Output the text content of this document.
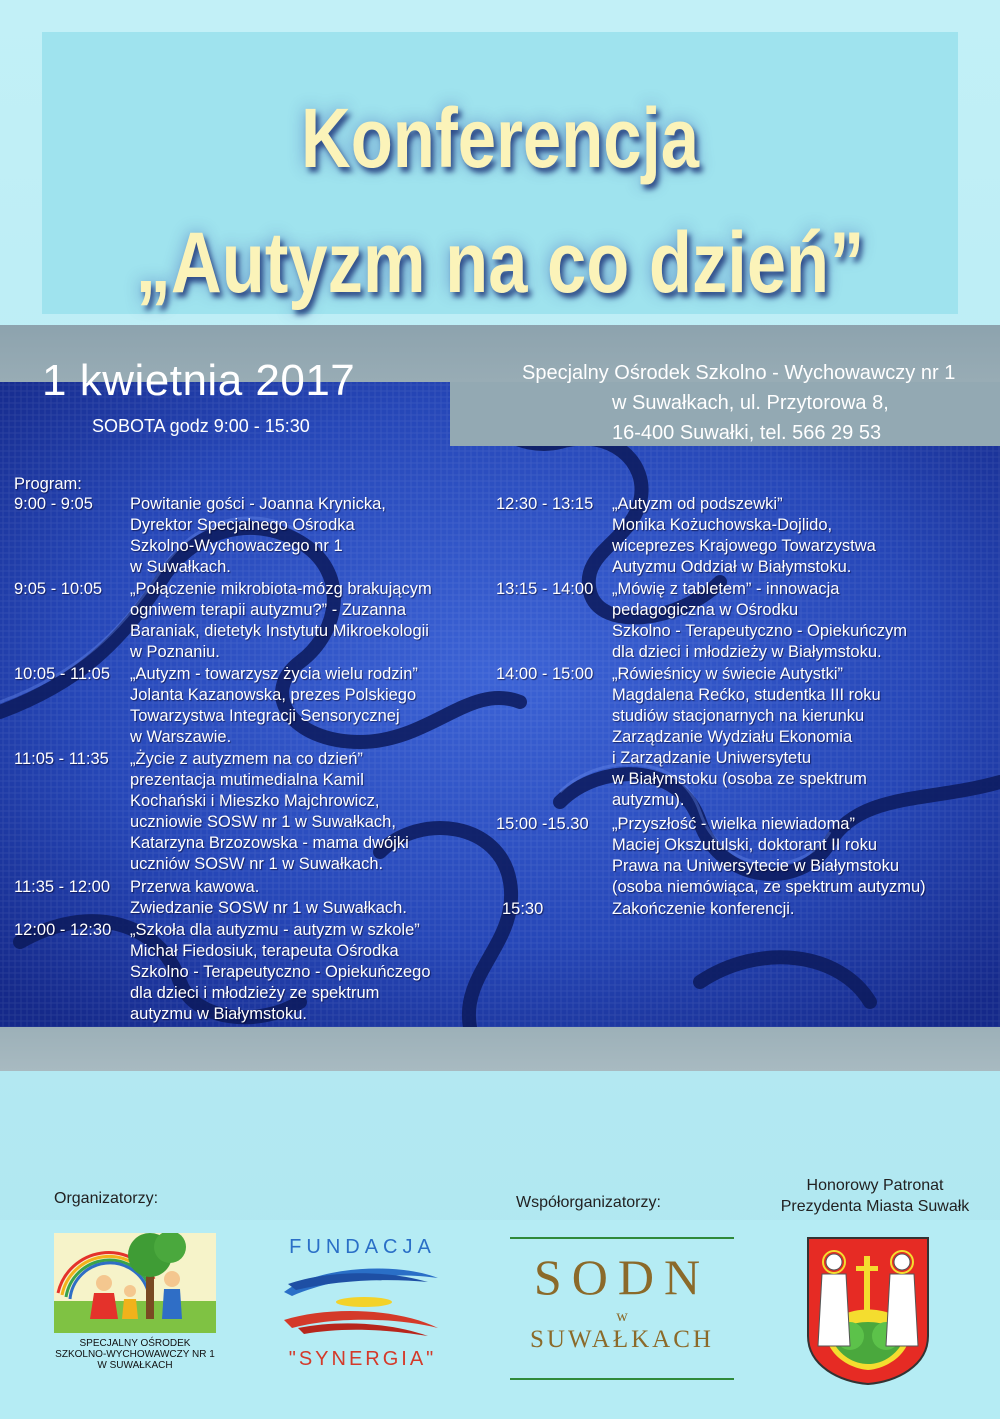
Konferencja
„Autyzm na co dzień”
1 kwietnia 2017
SOBOTA godz 9:00 - 15:30
Specjalny Ośrodek Szkolno - Wychowawczy nr 1
w Suwałkach, ul. Przytorowa 8,
16-400 Suwałki, tel. 566 29 53
Program:
9:00 - 9:05 Powitanie gości - Joanna Krynicka,
Dyrektor Specjalnego Ośrodka
Szkolno-Wychowaczego nr 1
w Suwałkach.
9:05 - 10:05 „Połączenie mikrobiota-mózg brakującym
ogniwem terapii autyzmu?” - Zuzanna
Baraniak, dietetyk Instytutu Mikroekologii
w Poznaniu.
10:05 - 11:05 „Autyzm - towarzysz życia wielu rodzin”
Jolanta Kazanowska, prezes Polskiego
Towarzystwa Integracji Sensorycznej
w Warszawie.
11:05 - 11:35 „Życie z autyzmem na co dzień”
prezentacja mutimedialna Kamil
Kochański i Mieszko Majchrowicz,
uczniowie SOSW nr 1 w Suwałkach,
Katarzyna Brzozowska - mama dwójki
uczniów SOSW nr 1 w Suwałkach.
11:35 - 12:00 Przerwa kawowa.
Zwiedzanie SOSW nr 1 w Suwałkach.
12:00 - 12:30 „Szkoła dla autyzmu - autyzm w szkole”
Michał Fiedosiuk, terapeuta Ośrodka
Szkolno - Terapeutyczno - Opiekuńczego
dla dzieci i młodzieży ze spektrum
autyzmu w Białymstoku.
12:30 - 13:15 „Autyzm od podszewki”
Monika Kożuchowska-Dojlido,
wiceprezes Krajowego Towarzystwa
Autyzmu Oddział w Białymstoku.
13:15 - 14:00 „Mówię z tabletem” - innowacja
pedagogiczna w Ośrodku
Szkolno - Terapeutyczno - Opiekuńczym
dla dzieci i młodzieży w Białymstoku.
14:00 - 15:00 „Rówieśnicy w świecie Autystki”
Magdalena Rećko, studentka III roku
studiów stacjonarnych na kierunku
Zarządzanie Wydziału Ekonomia
i Zarządzanie Uniwersytetu
w Białymstoku (osoba ze spektrum
autyzmu).
15:00 -15.30 „Przyszłość - wielka niewiadoma”
Maciej Okszutulski, doktorant II roku
Prawa na Uniwersytecie w Białymstoku
(osoba niemówiąca, ze spektrum autyzmu)
15:30	Zakończenie konferencji.
Organizatorzy:	Współorganizatorzy:
Honorowy Patronat
Prezydenta Miasta Suwałk
SPECJALNY OŚRODEK
SZKOLNO-WYCHOWAWCZY NR 1
W SUWAŁKACH
FUNDACJA
"SYNERGIA"
SODN
w
SUWAŁKACH
